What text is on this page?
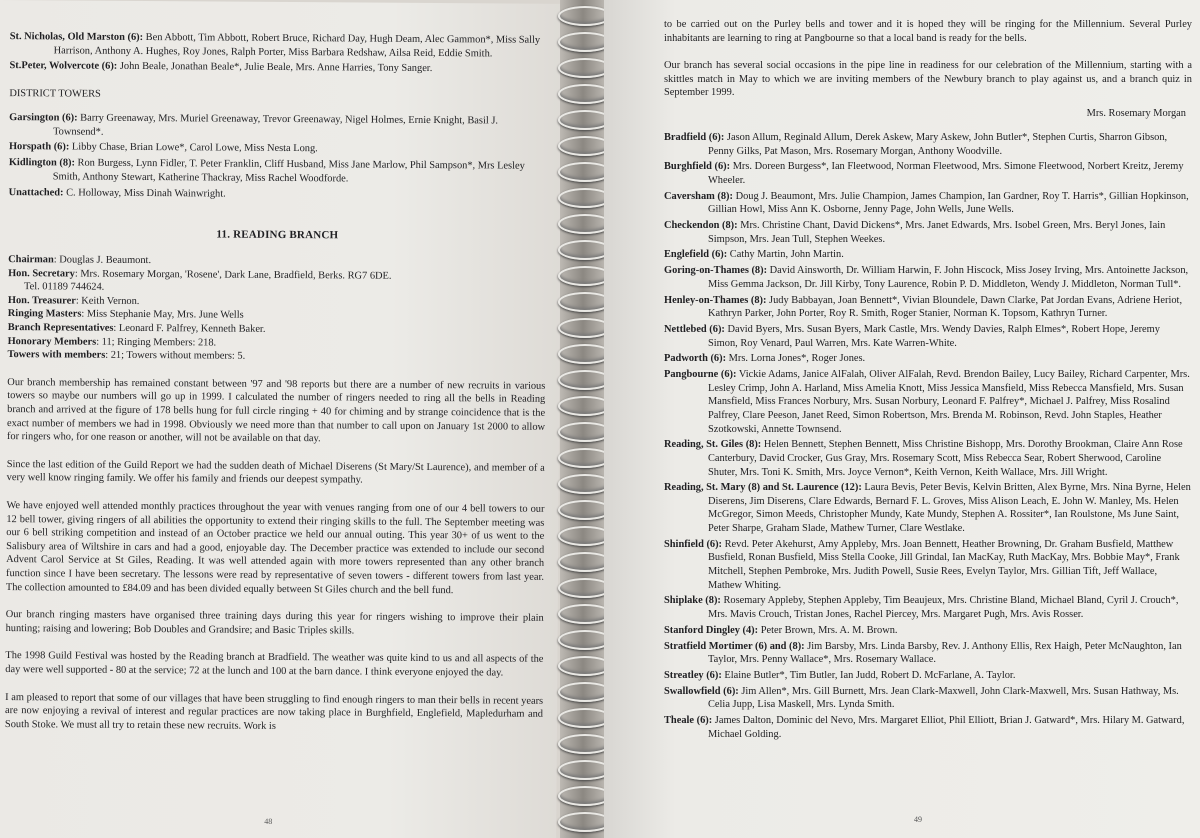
St. Nicholas, Old Marston (6): Ben Abbott, Tim Abbott, Robert Bruce, Richard Day, Hugh Deam, Alec Gammon*, Miss Sally Harrison, Anthony A. Hughes, Roy Jones, Ralph Porter, Miss Barbara Redshaw, Ailsa Reid, Eddie Smith.

St.Peter, Wolvercote (6): John Beale, Jonathan Beale*, Julie Beale, Mrs. Anne Harries, Tony Sanger.

DISTRICT TOWERS

Garsington (6): Barry Greenaway, Mrs. Muriel Greenaway, Trevor Greenaway, Nigel Holmes, Ernie Knight, Basil J. Townsend*.

Horspath (6): Libby Chase, Brian Lowe*, Carol Lowe, Miss Nesta Long.

Kidlington (8): Ron Burgess, Lynn Fidler, T. Peter Franklin, Cliff Husband, Miss Jane Marlow, Phil Sampson*, Mrs Lesley Smith, Anthony Stewart, Katherine Thackray, Miss Rachel Woodforde.

Unattached: C. Holloway, Miss Dinah Wainwright.

11. READING BRANCH

Chairman: Douglas J. Beaumont.

Hon. Secretary: Mrs. Rosemary Morgan, 'Rosene', Dark Lane, Bradfield, Berks. RG7 6DE.

Tel. 01189 744624.

Hon. Treasurer: Keith Vernon.

Ringing Masters: Miss Stephanie May, Mrs. June Wells

Branch Representatives: Leonard F. Palfrey, Kenneth Baker.

Honorary Members: 11; Ringing Members: 218.

Towers with members: 21; Towers without members: 5.

Our branch membership has remained constant between '97 and '98 reports but there are a number of new recruits in various towers so maybe our numbers will go up in 1999. I calculated the number of ringers needed to ring all the bells in Reading branch and arrived at the figure of 178 bells hung for full circle ringing + 40 for chiming and by strange coincidence that is the exact number of members we had in 1998. Obviously we need more than that number to call upon on January 1st 2000 to allow for ringers who, for one reason or another, will not be available on that day.

Since the last edition of the Guild Report we had the sudden death of Michael Diserens (St Mary/St Laurence), and member of a very well know ringing family. We offer his family and friends our deepest sympathy.

We have enjoyed well attended monthly practices throughout the year with venues ranging from one of our 4 bell towers to our 12 bell tower, giving ringers of all abilities the opportunity to extend their ringing skills to the full. The September meeting was our 6 bell striking competition and instead of an October practice we held our annual outing. This year 30+ of us went to the Salisbury area of Wiltshire in cars and had a good, enjoyable day. The December practice was extended to include our second Advent Carol Service at St Giles, Reading. It was well attended again with more towers represented than any other branch function since I have been secretary. The lessons were read by representative of seven towers - different towers from last year. The collection amounted to £84.09 and has been divided equally between St Giles church and the bell fund.

Our branch ringing masters have organised three training days during this year for ringers wishing to improve their plain hunting; raising and lowering; Bob Doubles and Grandsire; and Basic Triples skills.

The 1998 Guild Festival was hosted by the Reading branch at Bradfield. The weather was quite kind to us and all aspects of the day were well supported - 80 at the service; 72 at the lunch and 100 at the barn dance. I think everyone enjoyed the day.

I am pleased to report that some of our villages that have been struggling to find enough ringers to man their bells in recent years are now enjoying a revival of interest and regular practices are now taking place in Burghfield, Englefield, Mapledurham and South Stoke. We must all try to retain these new recruits. Work is

48

to be carried out on the Purley bells and tower and it is hoped they will be ringing for the Millennium. Several Purley inhabitants are learning to ring at Pangbourne so that a local band is ready for the bells.

Our branch has several social occasions in the pipe line in readiness for our celebration of the Millennium, starting with a skittles match in May to which we are inviting members of the Newbury branch to play against us, and a branch quiz in September 1999.

Mrs. Rosemary Morgan

Bradfield (6): Jason Allum, Reginald Allum, Derek Askew, Mary Askew, John Butler*, Stephen Curtis, Sharron Gibson, Penny Gilks, Pat Mason, Mrs. Rosemary Morgan, Anthony Woodville.

Burghfield (6): Mrs. Doreen Burgess*, Ian Fleetwood, Norman Fleetwood, Mrs. Simone Fleetwood, Norbert Kreitz, Jeremy Wheeler.

Caversham (8): Doug J. Beaumont, Mrs. Julie Champion, James Champion, Ian Gardner, Roy T. Harris*, Gillian Hopkinson, Gillian Howl, Miss Ann K. Osborne, Jenny Page, John Wells, June Wells.

Checkendon (8): Mrs. Christine Chant, David Dickens*, Mrs. Janet Edwards, Mrs. Isobel Green, Mrs. Beryl Jones, Iain Simpson, Mrs. Jean Tull, Stephen Weekes.

Englefield (6): Cathy Martin, John Martin.

Goring-on-Thames (8): David Ainsworth, Dr. William Harwin, F. John Hiscock, Miss Josey Irving, Mrs. Antoinette Jackson, Miss Gemma Jackson, Dr. Jill Kirby, Tony Laurence, Robin P. D. Middleton, Wendy J. Middleton, Norman Tull*.

Henley-on-Thames (8): Judy Babbayan, Joan Bennett*, Vivian Bloundele, Dawn Clarke, Pat Jordan Evans, Adriene Heriot, Kathryn Parker, John Porter, Roy R. Smith, Roger Stanier, Norman K. Topsom, Kathryn Turner.

Nettlebed (6): David Byers, Mrs. Susan Byers, Mark Castle, Mrs. Wendy Davies, Ralph Elmes*, Robert Hope, Jeremy Simon, Roy Venard, Paul Warren, Mrs. Kate Warren-White.

Padworth (6): Mrs. Lorna Jones*, Roger Jones.

Pangbourne (6): Vickie Adams, Janice AlFalah, Oliver AlFalah, Revd. Brendon Bailey, Lucy Bailey, Richard Carpenter, Mrs. Lesley Crimp, John A. Harland, Miss Amelia Knott, Miss Jessica Mansfield, Miss Rebecca Mansfield, Mrs. Susan Mansfield, Miss Frances Norbury, Mrs. Susan Norbury, Leonard F. Palfrey*, Michael J. Palfrey, Miss Rosalind Palfrey, Clare Peeson, Janet Reed, Simon Robertson, Mrs. Brenda M. Robinson, Revd. John Staples, Heather Szotkowski, Annette Townsend.

Reading, St. Giles (8): Helen Bennett, Stephen Bennett, Miss Christine Bishopp, Mrs. Dorothy Brookman, Claire Ann Rose Canterbury, David Crocker, Gus Gray, Mrs. Rosemary Scott, Miss Rebecca Sear, Robert Sherwood, Caroline Shuter, Mrs. Toni K. Smith, Mrs. Joyce Vernon*, Keith Vernon, Keith Wallace, Mrs. Jill Wright.

Reading, St. Mary (8) and St. Laurence (12): Laura Bevis, Peter Bevis, Kelvin Britten, Alex Byrne, Mrs. Nina Byrne, Helen Diserens, Jim Diserens, Clare Edwards, Bernard F. L. Groves, Miss Alison Leach, E. John W. Manley, Ms. Helen McGregor, Simon Meeds, Christopher Mundy, Kate Mundy, Stephen A. Rossiter*, Ian Roulstone, Ms June Saint, Peter Sharpe, Graham Slade, Mathew Turner, Clare Westlake.

Shinfield (6): Revd. Peter Akehurst, Amy Appleby, Mrs. Joan Bennett, Heather Browning, Dr. Graham Busfield, Matthew Busfield, Ronan Busfield, Miss Stella Cooke, Jill Grindal, Ian MacKay, Ruth MacKay, Mrs. Bobbie May*, Frank Mitchell, Stephen Pembroke, Mrs. Judith Powell, Susie Rees, Evelyn Taylor, Mrs. Gillian Tift, Jeff Wallace, Mathew Whiting.

Shiplake (8): Rosemary Appleby, Stephen Appleby, Tim Beaujeux, Mrs. Christine Bland, Michael Bland, Cyril J. Crouch*, Mrs. Mavis Crouch, Tristan Jones, Rachel Piercey, Mrs. Margaret Pugh, Mrs. Avis Rosser.

Stanford Dingley (4): Peter Brown, Mrs. A. M. Brown.

Stratfield Mortimer (6) and (8): Jim Barsby, Mrs. Linda Barsby, Rev. J. Anthony Ellis, Rex Haigh, Peter McNaughton, Ian Taylor, Mrs. Penny Wallace*, Mrs. Rosemary Wallace.

Streatley (6): Elaine Butler*, Tim Butler, Ian Judd, Robert D. McFarlane, A. Taylor.

Swallowfield (6): Jim Allen*, Mrs. Gill Burnett, Mrs. Jean Clark-Maxwell, John Clark-Maxwell, Mrs. Susan Hathway, Ms. Celia Jupp, Lisa Maskell, Mrs. Lynda Smith.

Theale (6): James Dalton, Dominic del Nevo, Mrs. Margaret Elliot, Phil Elliott, Brian J. Gatward*, Mrs. Hilary M. Gatward, Michael Golding.

49
